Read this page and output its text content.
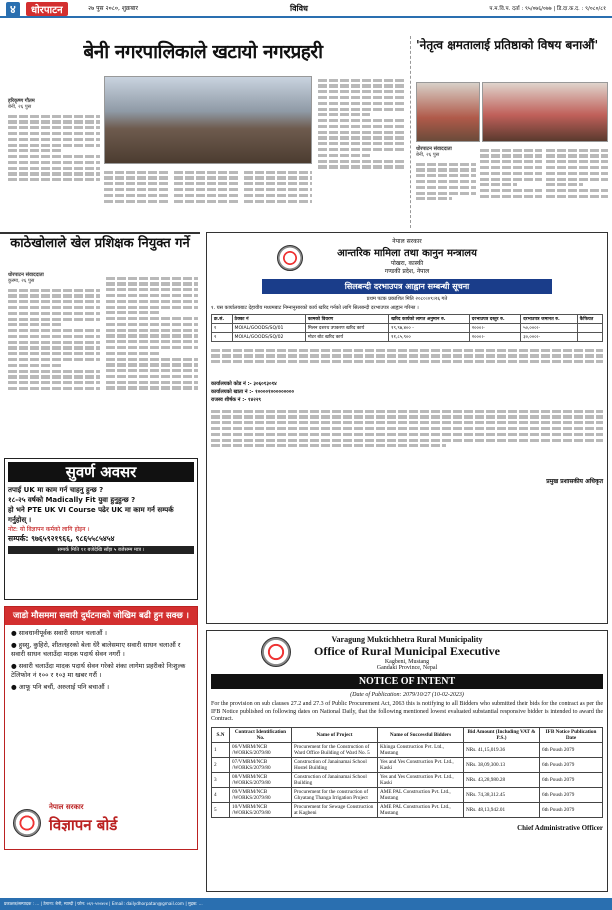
४	धोरपाटन	२७ पुस २०८०, शुक्रबार	विविध	प.म.वि.प. दर्ता : ९५/०७६/०७७ | डि.दा.क.द. : ९/०८०/८१
बेनी नगरपालिकाले खटायो नगरप्रहरी
हरिकृष्ण गौतम
बेनी, २६ पुस
'नेतृत्व क्षमतालाई प्रतिष्ठाको विषय बनाऔं'
धोरपाटन संवाददाता
बेनी, २६ पुस
काठेखोलाले खेल प्रशिक्षक नियुक्त गर्ने
धोरपाटन संवाददाता
कुस्मा, २६ पुस
सुवर्ण अवसर
तपाई UK मा काम गर्न चाहनु हुन्छ ?
१८-२५ वर्षको Madically Fit युवा हुनुहुन्छ ?
हो भने PTE UK VI Course पढेर UK मा काम गर्न सम्पर्क गर्नुहोस् ।
नोट: यो विज्ञापन कर्मको लागि होइन ।
सम्पर्क: ९७६५९२१९६६, ९८६५५८५४५४
सम्पर्क मिति ११ बजेदेखि साँझ ५ बजेसम्म मात्र ।
जाडो मौसममा सवारी दुर्घटनाको जोखिम बढी हुन सक्छ ।
● सावधानीपूर्वक सवारी साधन चलाऔं ।
● हुस्सु, कुहिरो, शीतलहरको बेला धेरै बालेसमाए सवारी साधन चलाऔं र सवारी साधन चलाउँदा मादक पदार्थ सेवन नगरौं ।
● सवारी चलाउँदा मादक पदार्थ सेवन गरेको शंका लागेमा प्रहरीको निःशुल्क टेलिफोन नं १०० र १०३ मा खबर गरौं ।
● आफू पनि बचौं, अरुलाई पनि बचाऔं ।
नेपाल सरकार
विज्ञापन बोर्ड
नेपाल सरकार
आन्तरिक मामिला तथा कानुन मन्त्रालय
पोखरा, कास्की
गण्डकी प्रदेश, नेपाल
सिलबन्दी दरभाउपत्र आह्वान सम्बन्धी सूचना
प्रथम पटक प्रकाशित मिति २०८०।०९।२६ गते
१. यस कार्यालयबाट देहायीय मध्यमबाट निम्नानुसारको कार्य खरिद गर्नको लागि सिलबन्दी दरभाउपत्र आह्वान गरिन्छ ।
क्र.सं.	ठेक्का नं	कामको विवरण	खरिद कार्यको लागत अनुमान रु.	दरभाउपत्र दस्तुर रु.	दरभाउपत्र जमानत रु.	कैफियत
१	MOIAL/GOODS/SQ/01	मिलन दशरथ उपकरण खरिद कार्य	१९,९७,४०० -	२०००।-	५०,०००।-	
२	MOIAL/GOODS/SQ/02	मोटर बोट खरिद कार्य	११,८५,९००	२०००।-	३०,०००।-	
कार्यालयको कोड नं :- ३०६०१३०१४
कार्यालयको खाता नं :- १००००१०००००००००
राजस्व शीर्षक नं :- १४२२९
प्रमुख प्रशासकीय अधिकृत
Varagung Muktichhetra Rural Municipality
Office of Rural Municipal Executive
Kagbeni, Mustang
Gandaki Province, Nepal
NOTICE OF INTENT
(Date of Publication: 2079/10/27 (10-02-2023)
For the provision on sub clauses 27.2 and 27.3 of Public Procurement Act, 2063 this is notifying to all Bidders who submitted their bids for the contract as per the IFB Notice published on following dates on National Daily, that the following mentioned lowest evaluated substantial responsive bidder is intended to award the Contract.
S.N	Contract Identification No.	Name of Project	Name of Successful Bidders	Bid Amount (Including VAT & P.S.)	IFB Notice Publication Date
1	06/VMRM/NCB /WORKS/2079/80	Procurement for the Construction of Ward Office Building of Ward No. 5	Khinga Construction Pvt. Ltd., Mustang	NRs. 41,15,019.36	6th Poush 2079
2	07/VMRM/NCB /WORKS/2079/80	Construction of Janainamai School Hostel Building	Yes and Yes Construction Pvt. Ltd., Kaski	NRs. 38,09,300.13	6th Poush 2079
3	08/VMRM/NCB /WORKS/2079/80	Construction of Janainamai School Building	Yes and Yes Construction Pvt. Ltd., Kaski	NRs. 43,28,980.28	6th Poush 2079
4	09/VMRM/NCB /WORKS/2079/80	Procurement for the construction of Ghyatang Thanga Irrigation Project	AME PAL Construction Pvt. Ltd., Mustang	NRs. 74,38,312.45	6th Poush 2079
5	10/VMRM/NCB /WORKS/2079/80	Procurement for Sewage Construction at Kagbeni	AME PAL Construction Pvt. Ltd., Mustang	NRs. 48,13,942.01	6th Poush 2079
Chief Administrative Officer
प्रकाशक/सम्पादक : ... | ठेगाना: बेनी, म्याग्दी | फोन: ०६९-५२०४०४ | Email: dailydhorpatan@gmail.com | मुद्रक: ...
